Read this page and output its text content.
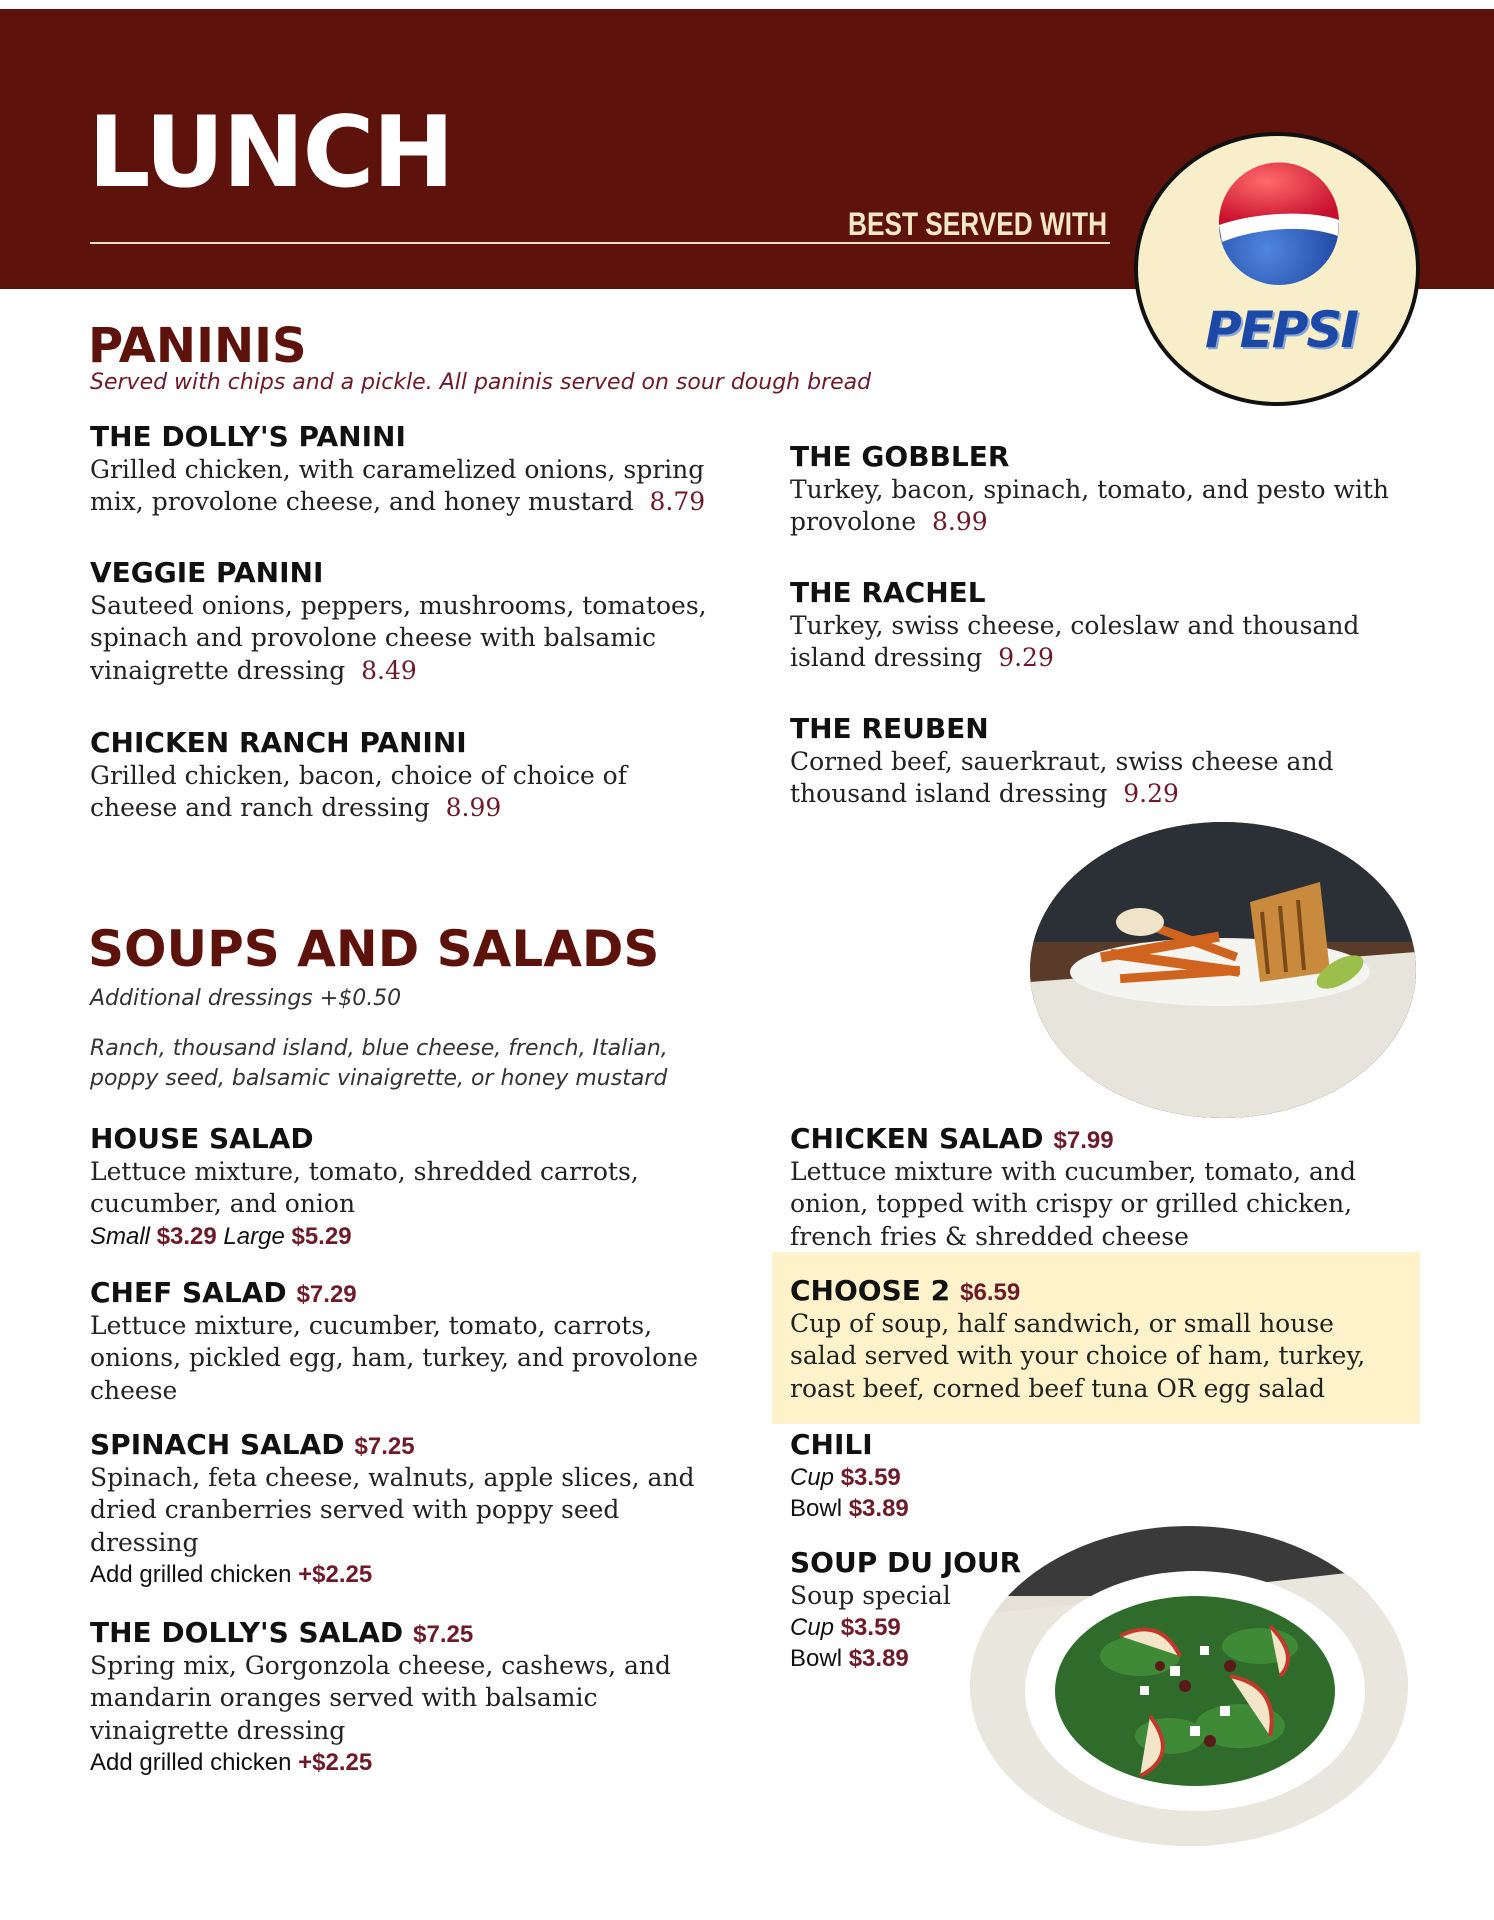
LUNCH
BEST SERVED WITH
PEPSI
PANINIS
Served with chips and a pickle. All paninis served on sour dough bread
THE DOLLY'S PANINI
Grilled chicken, with caramelized onions, spring mix, provolone cheese, and honey mustard 8.79
VEGGIE PANINI
Sauteed onions, peppers, mushrooms, tomatoes, spinach and provolone cheese with balsamic vinaigrette dressing 8.49
CHICKEN RANCH PANINI
Grilled chicken, bacon, choice of choice of cheese and ranch dressing 8.99
THE GOBBLER
Turkey, bacon, spinach, tomato, and pesto with provolone 8.99
THE RACHEL
Turkey, swiss cheese, coleslaw and thousand island dressing 9.29
THE REUBEN
Corned beef, sauerkraut, swiss cheese and thousand island dressing 9.29
SOUPS AND SALADS
Additional dressings +$0.50
Ranch, thousand island, blue cheese, french, Italian, poppy seed, balsamic vinaigrette, or honey mustard
HOUSE SALAD
Lettuce mixture, tomato, shredded carrots, cucumber, and onion
Small $3.29 Large $5.29
CHEF SALAD $7.29
Lettuce mixture, cucumber, tomato, carrots, onions, pickled egg, ham, turkey, and provolone cheese
SPINACH SALAD $7.25
Spinach, feta cheese, walnuts, apple slices, and dried cranberries served with poppy seed dressing
Add grilled chicken +$2.25
THE DOLLY'S SALAD $7.25
Spring mix, Gorgonzola cheese, cashews, and mandarin oranges served with balsamic vinaigrette dressing
Add grilled chicken +$2.25
CHICKEN SALAD $7.99
Lettuce mixture with cucumber, tomato, and onion, topped with crispy or grilled chicken, french fries & shredded cheese
CHOOSE 2 $6.59
Cup of soup, half sandwich, or small house salad served with your choice of ham, turkey, roast beef, corned beef tuna OR egg salad
CHILI
Cup $3.59
Bowl $3.89
SOUP DU JOUR
Soup special
Cup $3.59
Bowl $3.89
